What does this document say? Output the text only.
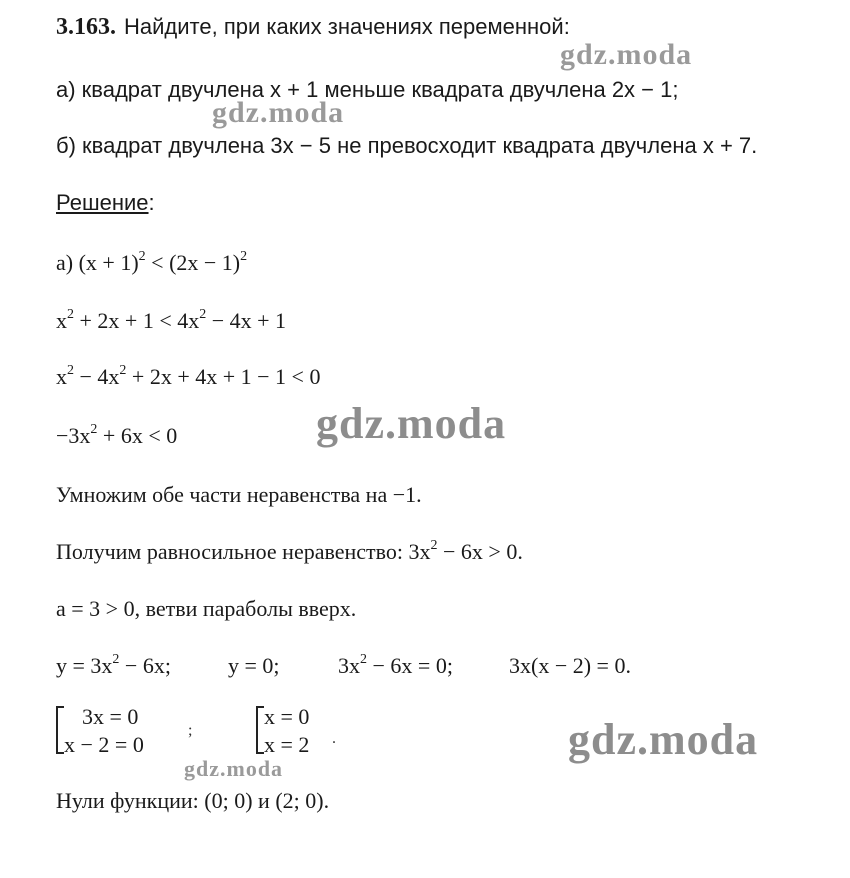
3.163. Найдите, при каких значениях переменной:
а) квадрат двучлена x + 1 меньше квадрата двучлена 2x − 1;
б) квадрат двучлена 3x − 5 не превосходит квадрата двучлена x + 7.
Решение:
а) $(x + 1)^2 < (2x - 1)^2$
$x^2 + 2x + 1 < 4x^2 - 4x + 1$
$x^2 - 4x^2 + 2x + 4x + 1 - 1 < 0$
$-3x^2 + 6x < 0$
Умножим обе части неравенства на −1.
Получим равносильное неравенство: $3x^2 - 6x > 0$.
a = 3 > 0, ветви параболы вверх.
$y = 3x^2 - 6x$;	y = 0;	$3x^2 - 6x = 0$;	3x(x − 2) = 0.
3x = 0
x − 2 = 0
;
x = 0
x = 2 .
Нули функции: (0; 0) и (2; 0).
gdz.moda
gdz.moda
gdz.moda
gdz.moda
gdz.moda
